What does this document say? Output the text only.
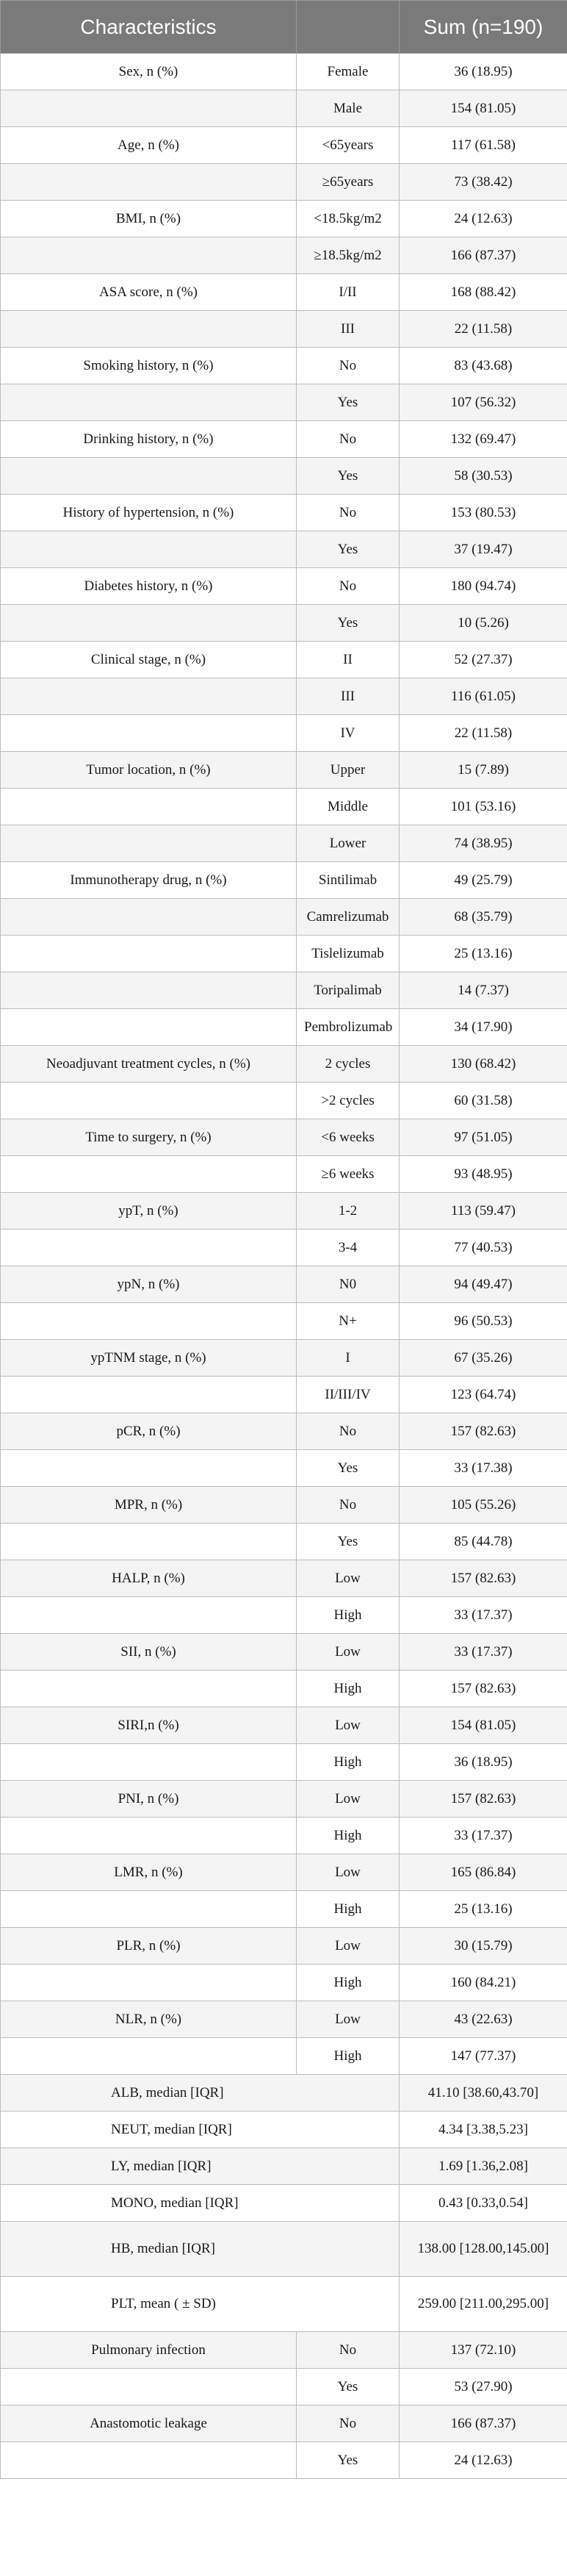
Characteristics		Sum (n=190)
Sex, n (%)	Female	36 (18.95)
	Male	154 (81.05)
Age, n (%)	<65years	117 (61.58)
	≥65years	73 (38.42)
BMI, n (%)	<18.5kg/m2	24 (12.63)
	≥18.5kg/m2	166 (87.37)
ASA score, n (%)	I/II	168 (88.42)
	III	22 (11.58)
Smoking history, n (%)	No	83 (43.68)
	Yes	107 (56.32)
Drinking history, n (%)	No	132 (69.47)
	Yes	58 (30.53)
History of hypertension, n (%)	No	153 (80.53)
	Yes	37 (19.47)
Diabetes history, n (%)	No	180 (94.74)
	Yes	10 (5.26)
Clinical stage, n (%)	II	52 (27.37)
	III	116 (61.05)
	IV	22 (11.58)
Tumor location, n (%)	Upper	15 (7.89)
	Middle	101 (53.16)
	Lower	74 (38.95)
Immunotherapy drug, n (%)	Sintilimab	49 (25.79)
	Camrelizumab	68 (35.79)
	Tislelizumab	25 (13.16)
	Toripalimab	14 (7.37)
	Pembrolizumab	34 (17.90)
Neoadjuvant treatment cycles, n (%)	2 cycles	130 (68.42)
	>2 cycles	60 (31.58)
Time to surgery, n (%)	<6 weeks	97 (51.05)
	≥6 weeks	93 (48.95)
ypT, n (%)	1-2	113 (59.47)
	3-4	77 (40.53)
ypN, n (%)	N0	94 (49.47)
	N+	96 (50.53)
ypTNM stage, n (%)	I	67 (35.26)
	II/III/IV	123 (64.74)
pCR, n (%)	No	157 (82.63)
	Yes	33 (17.38)
MPR, n (%)	No	105 (55.26)
	Yes	85 (44.78)
HALP, n (%)	Low	157 (82.63)
	High	33 (17.37)
SII, n (%)	Low	33 (17.37)
	High	157 (82.63)
SIRI,n (%)	Low	154 (81.05)
	High	36 (18.95)
PNI, n (%)	Low	157 (82.63)
	High	33 (17.37)
LMR, n (%)	Low	165 (86.84)
	High	25 (13.16)
PLR, n (%)	Low	30 (15.79)
	High	160 (84.21)
NLR, n (%)	Low	43 (22.63)
	High	147 (77.37)
ALB, median [IQR]		41.10 [38.60,43.70]
NEUT, median [IQR]		4.34 [3.38,5.23]
LY, median [IQR]		1.69 [1.36,2.08]
MONO, median [IQR]		0.43 [0.33,0.54]
HB, median [IQR]		138.00 [128.00,145.00]
PLT, mean ( ± SD)		259.00 [211.00,295.00]
Pulmonary infection	No	137 (72.10)
	Yes	53 (27.90)
Anastomotic leakage	No	166 (87.37)
	Yes	24 (12.63)
